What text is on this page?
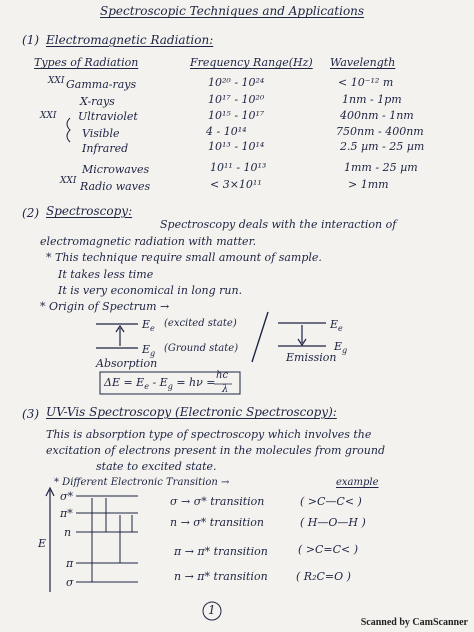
Spectroscopic Techniques and Applications
(1) Electromagnetic Radiation:
Types of Radiation	Frequency Range(Hz) Wavelength
XXI Gamma-rays	10²⁰ - 10²⁴	< 10⁻¹² m
X-rays	10¹⁷ - 10²⁰	1nm - 1pm
XXI Ultraviolet	10¹⁵ - 10¹⁷	400nm - 1nm
Visible	4 - 10¹⁴	750nm - 400nm
Infrared	10¹³ - 10¹⁴	2.5 µm - 25 µm
Microwaves	10¹¹ - 10¹³	1mm - 25 µm
XXI Radio waves	< 3×10¹¹	> 1mm
(2) Spectroscopy:
Spectroscopy deals with the interaction of
electromagnetic radiation with matter.
* This technique require small amount of sample.
It takes less time
It is very economical in long run.
* Origin of Spectrum →
$E_e$ (excited state)
$E_g$ (Ground state)
Absorption
$\Delta E = E_e - E_g = h\nu$ =
hc
λ
$E_e$
$E_g$
Emission
(3) UV-Vis Spectroscopy (Electronic Spectroscopy):
This is absorption type of spectroscopy which involves the
excitation of electrons present in the molecules from ground
state to excited state.
* Different Electronic Transition →	example
σ*
π*
n
π
σ
E
σ → σ* transition	( >C—C< )
n → σ* transition	( H—O—H )
π → π* transition	( >C=C< )
n → π* transition	( R₂C=O )
1
Scanned by CamScanner
